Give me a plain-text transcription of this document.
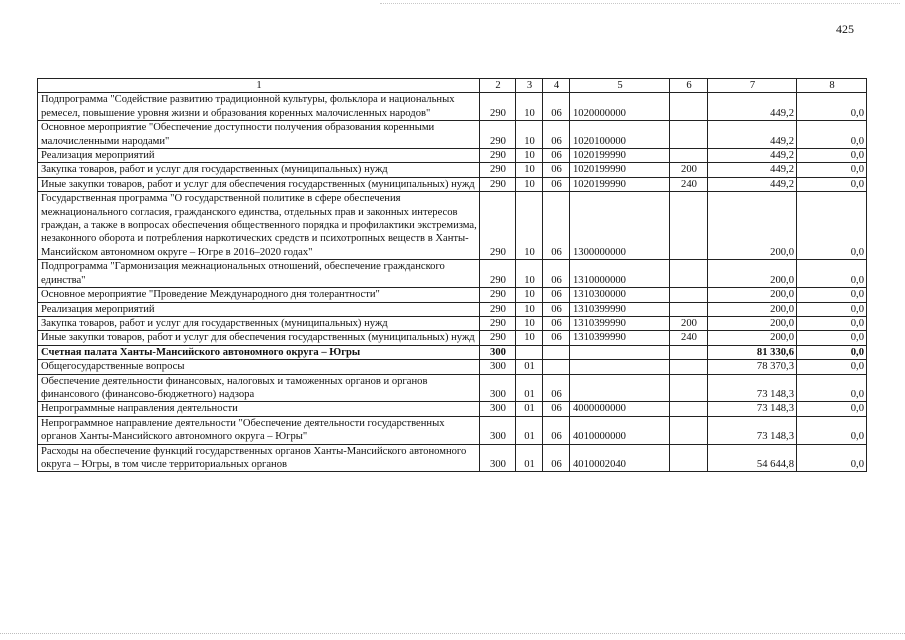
425
1	2	3	4	5	6	7	8
Подпрограмма "Содействие развитию традиционной культуры, фольклора и национальных ремесел, повышение уровня жизни и образования коренных малочисленных народов"	290	10	06	1020000000		449,2	0,0
Основное мероприятие "Обеспечение доступности получения образования коренными малочисленными народами"	290	10	06	1020100000		449,2	0,0
Реализация мероприятий	290	10	06	1020199990		449,2	0,0
Закупка товаров, работ и услуг для государственных (муниципальных) нужд	290	10	06	1020199990	200	449,2	0,0
Иные закупки товаров, работ и услуг для обеспечения государственных (муниципальных) нужд	290	10	06	1020199990	240	449,2	0,0
Государственная программа "О государственной политике в сфере обеспечения межнационального согласия, гражданского единства, отдельных прав и законных интересов граждан, а также в вопросах обеспечения общественного порядка и профилактики экстремизма, незаконного оборота и потребления наркотических средств и психотропных веществ в Ханты-Мансийском автономном округе – Югре в 2016–2020 годах"	290	10	06	1300000000		200,0	0,0
Подпрограмма "Гармонизация межнациональных отношений, обеспечение гражданского единства"	290	10	06	1310000000		200,0	0,0
Основное мероприятие "Проведение Международного дня толерантности"	290	10	06	1310300000		200,0	0,0
Реализация мероприятий	290	10	06	1310399990		200,0	0,0
Закупка товаров, работ и услуг для государственных (муниципальных) нужд	290	10	06	1310399990	200	200,0	0,0
Иные закупки товаров, работ и услуг для обеспечения государственных (муниципальных) нужд	290	10	06	1310399990	240	200,0	0,0
Счетная палата Ханты-Мансийского автономного округа – Югры	300					81 330,6	0,0
Общегосударственные вопросы	300	01				78 370,3	0,0
Обеспечение деятельности финансовых, налоговых и таможенных органов и органов финансового (финансово-бюджетного) надзора	300	01	06			73 148,3	0,0
Непрограммные направления деятельности	300	01	06	4000000000		73 148,3	0,0
Непрограммное направление деятельности "Обеспечение деятельности государственных органов Ханты-Мансийского автономного округа – Югры"	300	01	06	4010000000		73 148,3	0,0
Расходы на обеспечение функций государственных органов Ханты-Мансийского автономного округа – Югры, в том числе территориальных органов	300	01	06	4010002040		54 644,8	0,0
